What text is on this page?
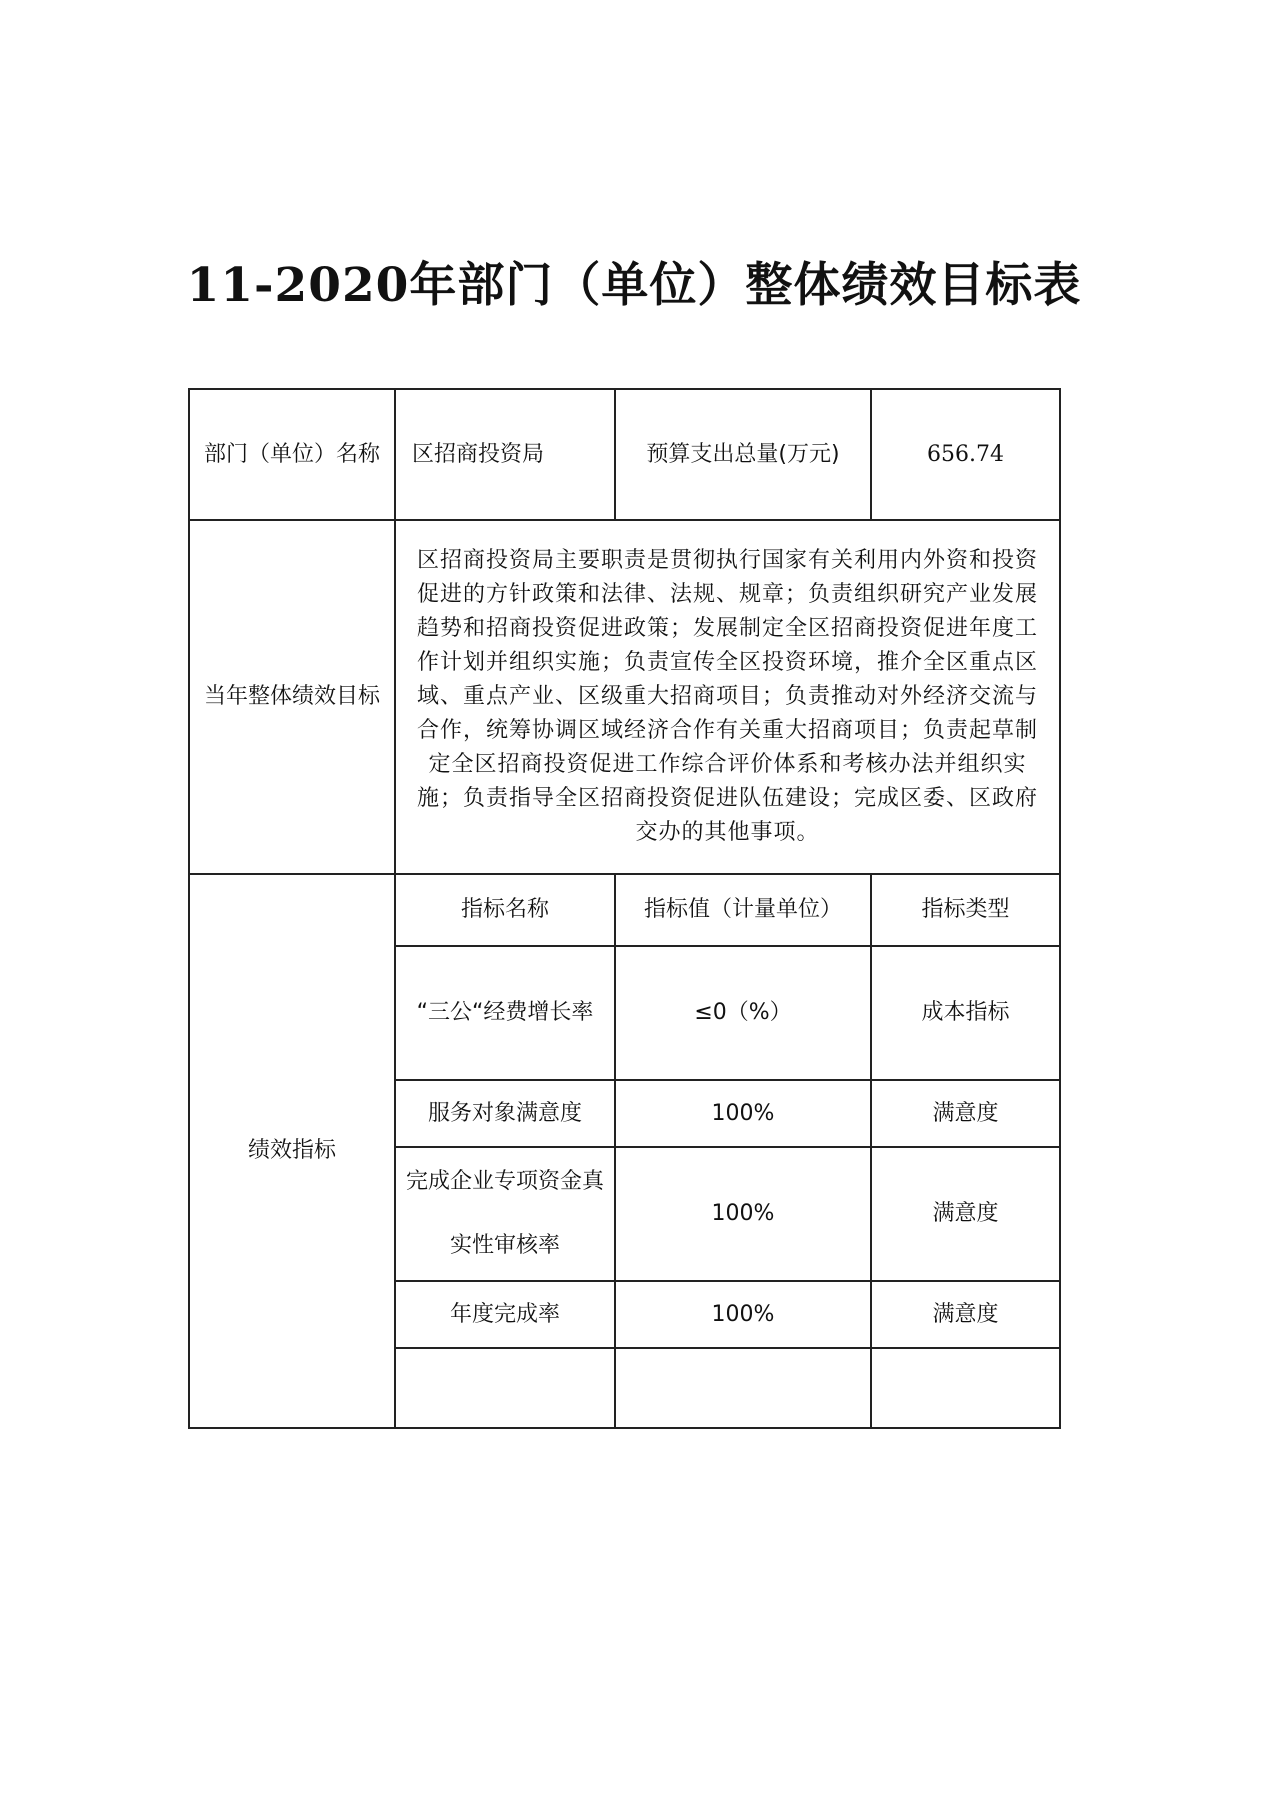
11-2020年部门（单位）整体绩效目标表
部门（单位）名称	区招商投资局	预算支出总量(万元)	656.74
当年整体绩效目标	区招商投资局主要职责是贯彻执行国家有关利用内外资和投资促进的方针政策和法律、法规、规章；负责组织研究产业发展趋势和招商投资促进政策；发展制定全区招商投资促进年度工作计划并组织实施；负责宣传全区投资环境，推介全区重点区域、重点产业、区级重大招商项目；负责推动对外经济交流与合作，统筹协调区域经济合作有关重大招商项目；负责起草制定全区招商投资促进工作综合评价体系和考核办法并组织实施；负责指导全区招商投资促进队伍建设；完成区委、区政府交办的其他事项。		
绩效指标	指标名称	指标值（计量单位）	指标类型
	“三公“经费增长率	≤0（%）	成本指标
	服务对象满意度	100%	满意度
	完成企业专项资金真实性审核率	100%	满意度
	年度完成率	100%	满意度
